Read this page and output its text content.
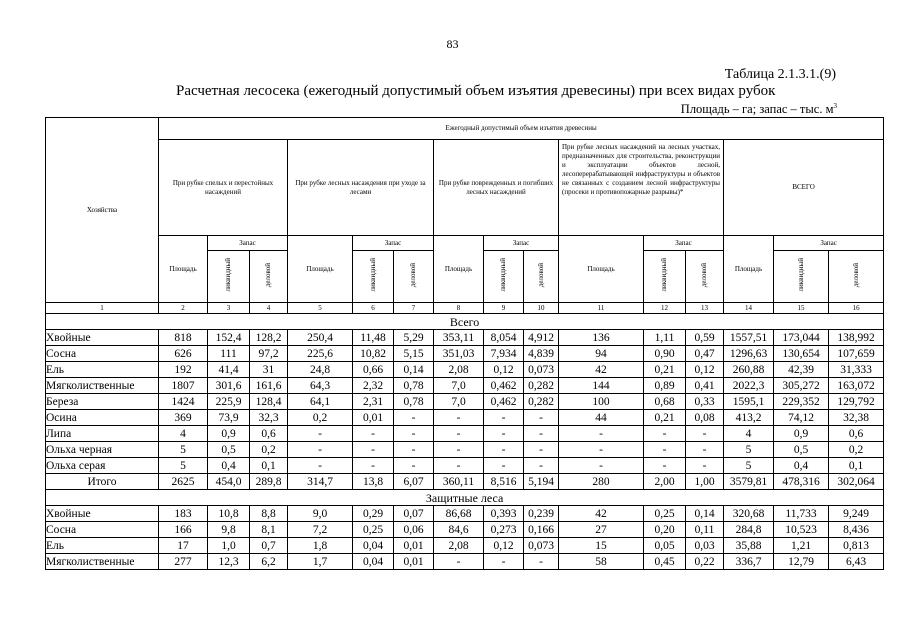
83
Таблица 2.1.3.1.(9)
Расчетная лесосека (ежегодный допустимый объем изъятия древесины) при всех видах рубок
Площадь – га; запас – тыс. $м^3$
Хозяйства	Ежегодный допустимый объем изъятия древесины														
	При рубке спелых и перестойных насаждений			При рубке лесных насаждения при уходе за лесами			При рубке поврежденных и погибших лесных насаждений			При рубке лесных насаждений на лесных участках, предназначенных для строительства, реконструкции и эксплуатации объектов лесной, лесоперерабатывающей инфраструктуры и объектов не связанных с созданием лесной инфраструктуры (просеки и противопожарные разрывы)*			ВСЕГО		
	Площадь	Запас		Площадь	Запас		Площадь	Запас		Площадь	Запас		Площадь	Запас	
		ликвидный	деловой		ликвидный	деловой		ликвидный	деловой		ликвидный	деловой		ликвидный	деловой
1	2	3	4	5	6	7	8	9	10	11	12	13	14	15	16
Всего															
Хвойные	818	152,4	128,2	250,4	11,48	5,29	353,11	8,054	4,912	136	1,11	0,59	1557,51	173,044	138,992
Сосна	626	111	97,2	225,6	10,82	5,15	351,03	7,934	4,839	94	0,90	0,47	1296,63	130,654	107,659
Ель	192	41,4	31	24,8	0,66	0,14	2,08	0,12	0,073	42	0,21	0,12	260,88	42,39	31,333
Мягколиственные	1807	301,6	161,6	64,3	2,32	0,78	7,0	0,462	0,282	144	0,89	0,41	2022,3	305,272	163,072
Береза	1424	225,9	128,4	64,1	2,31	0,78	7,0	0,462	0,282	100	0,68	0,33	1595,1	229,352	129,792
Осина	369	73,9	32,3	0,2	0,01	-	-	-	-	44	0,21	0,08	413,2	74,12	32,38
Липа	4	0,9	0,6	-	-	-	-	-	-	-	-	-	4	0,9	0,6
Ольха черная	5	0,5	0,2	-	-	-	-	-	-	-	-	-	5	0,5	0,2
Ольха серая	5	0,4	0,1	-	-	-	-	-	-	-	-	-	5	0,4	0,1
Итого	2625	454,0	289,8	314,7	13,8	6,07	360,11	8,516	5,194	280	2,00	1,00	3579,81	478,316	302,064
Защитные леса															
Хвойные	183	10,8	8,8	9,0	0,29	0,07	86,68	0,393	0,239	42	0,25	0,14	320,68	11,733	9,249
Сосна	166	9,8	8,1	7,2	0,25	0,06	84,6	0,273	0,166	27	0,20	0,11	284,8	10,523	8,436
Ель	17	1,0	0,7	1,8	0,04	0,01	2,08	0,12	0,073	15	0,05	0,03	35,88	1,21	0,813
Мягколиственные	277	12,3	6,2	1,7	0,04	0,01	-	-	-	58	0,45	0,22	336,7	12,79	6,43
